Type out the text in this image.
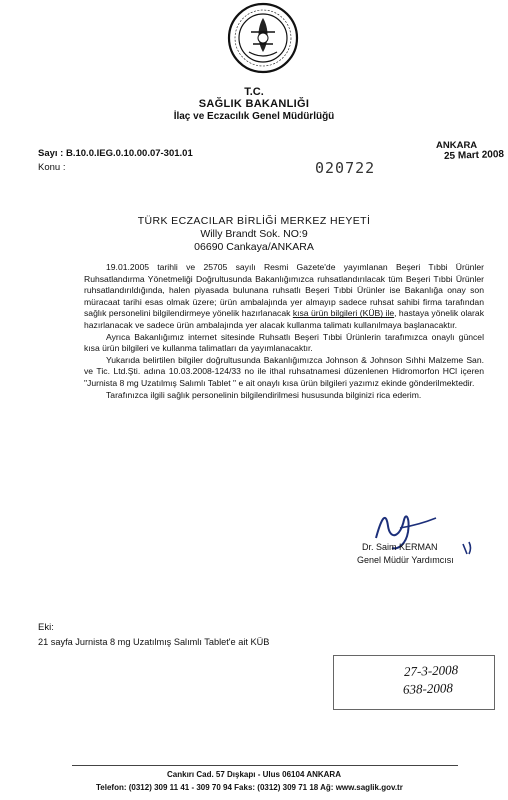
T.C.
SAĞLIK BAKANLIĞI
İlaç ve Eczacılık Genel Müdürlüğü
Sayı : B.10.0.IEG.0.10.00.07-301.01
Konu :
ANKARA
25 Mart 2008
020722
TÜRK ECZACILAR BİRLİĞİ MERKEZ HEYETİ
Willy Brandt Sok. NO:9
06690 Cankaya/ANKARA

19.01.2005 tarihli ve 25705 sayılı Resmi Gazete'de yayımlanan Beşeri Tıbbi Ürünler Ruhsatlandırma Yönetmeliği Doğrultusunda Bakanlığımızca ruhsatlandırılacak tüm Beşeri Tıbbi Ürünler ruhsatlandırıldığında, halen piyasada bulunana ruhsatlı Beşeri Tıbbi Ürünler ise Bakanlığa onay son müracaat tarihi esas olmak üzere; ürün ambalajında yer almayıp sadece ruhsat sahibi firma tarafından sağlık personelini bilgilendirmeye yönelik hazırlanacak kısa ürün bilgileri (KÜB) ile, hastaya yönelik olarak hazırlanacak ve sadece ürün ambalajında yer alacak kullanma talimatı kullanılmaya başlanacaktır.

Ayrıca Bakanlığımız internet sitesinde Ruhsatlı Beşeri Tıbbi Ürünlerin tarafımızca onaylı güncel kısa ürün bilgileri ve kullanma talimatları da yayımlanacaktır.

Yukarıda belirtilen bilgiler doğrultusunda Bakanlığımızca Johnson & Johnson Sıhhi Malzeme San. ve Tic. Ltd.Şti. adına 10.03.2008-124/33 no ile ithal ruhsatnamesi düzenlenen Hidromorfon HCl içeren "Jurnista 8 mg Uzatılmış Salımlı Tablet " e ait onaylı kısa ürün bilgileri yazımız ekinde gönderilmektedir.

Tarafınızca ilgili sağlık personelinin bilgilendirilmesi hususunda bilginizi rica ederim.

Dr. Saim KERMAN
Genel Müdür Yardımcısı
Eki:
21 sayfa Jurnista 8 mg Uzatılmış Salımlı Tablet'e ait KÜB
27-3-2008
638-2008
Cankırı Cad. 57 Dışkapı - Ulus 06104 ANKARA
Telefon: (0312) 309 11 41 - 309 70 94 Faks: (0312) 309 71 18 Ağ: www.saglik.gov.tr
